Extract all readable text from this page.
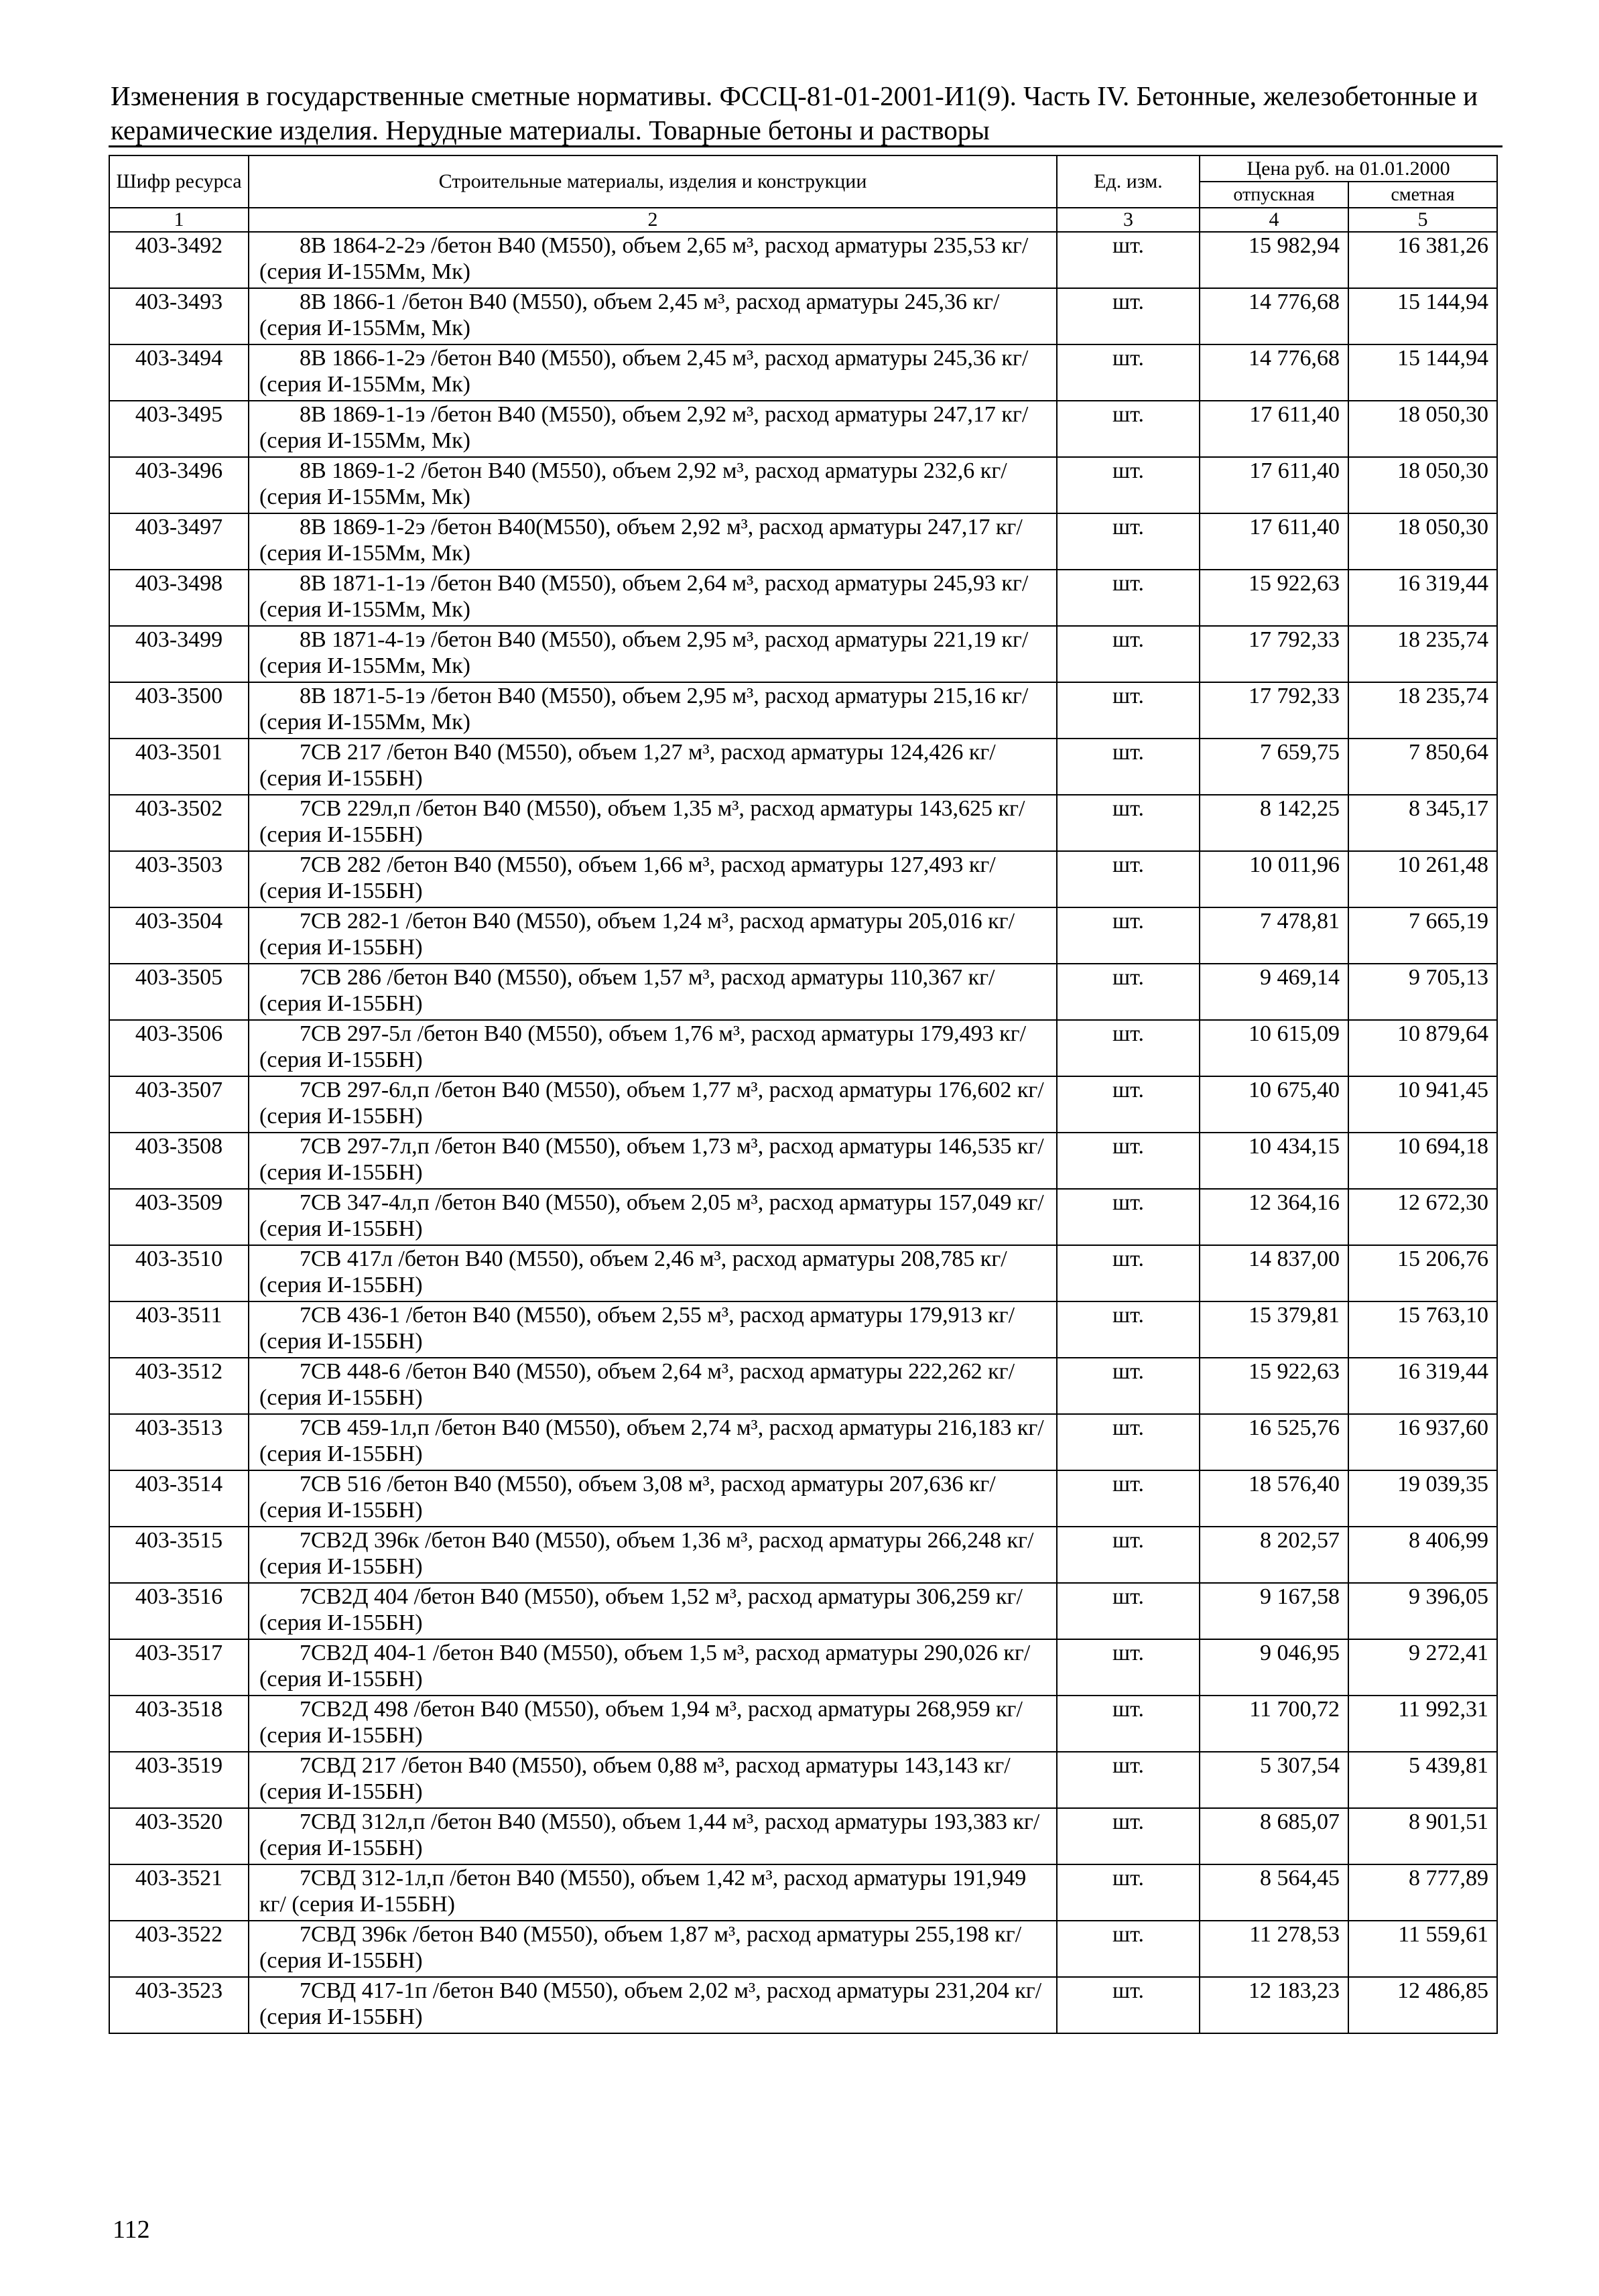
Изменения в государственные сметные нормативы. ФССЦ-81-01-2001-И1(9). Часть IV. Бетонные, железобетонные и керамические изделия. Нерудные материалы. Товарные бетоны и растворы
Шифр ресурса	Строительные материалы, изделия и конструкции	Ед. изм.	Цена руб. на 01.01.2000	
			отпускная	сметная
1	2	3	4	5
403-3492	8В 1864-2-2э /бетон В40 (М550), объем 2,65 м³, расход арматуры 235,53 кг/ (серия И-155Мм, Мк)	шт.	15 982,94	16 381,26
403-3493	8В 1866-1 /бетон В40 (М550), объем 2,45 м³, расход арматуры 245,36 кг/ (серия И-155Мм, Мк)	шт.	14 776,68	15 144,94
403-3494	8В 1866-1-2э /бетон В40 (М550), объем 2,45 м³, расход арматуры 245,36 кг/ (серия И-155Мм, Мк)	шт.	14 776,68	15 144,94
403-3495	8В 1869-1-1э /бетон В40 (М550), объем 2,92 м³, расход арматуры 247,17 кг/ (серия И-155Мм, Мк)	шт.	17 611,40	18 050,30
403-3496	8В 1869-1-2 /бетон В40 (М550), объем 2,92 м³, расход арматуры 232,6 кг/ (серия И-155Мм, Мк)	шт.	17 611,40	18 050,30
403-3497	8В 1869-1-2э /бетон В40(М550), объем 2,92 м³, расход арматуры 247,17 кг/ (серия И-155Мм, Мк)	шт.	17 611,40	18 050,30
403-3498	8В 1871-1-1э /бетон В40 (М550), объем 2,64 м³, расход арматуры 245,93 кг/ (серия И-155Мм, Мк)	шт.	15 922,63	16 319,44
403-3499	8В 1871-4-1э /бетон В40 (М550), объем 2,95 м³, расход арматуры 221,19 кг/ (серия И-155Мм, Мк)	шт.	17 792,33	18 235,74
403-3500	8В 1871-5-1э /бетон В40 (М550), объем 2,95 м³, расход арматуры 215,16 кг/ (серия И-155Мм, Мк)	шт.	17 792,33	18 235,74
403-3501	7СВ 217 /бетон В40 (М550), объем 1,27 м³, расход арматуры 124,426 кг/ (серия И-155БН)	шт.	7 659,75	7 850,64
403-3502	7СВ 229л,п /бетон В40 (М550), объем 1,35 м³, расход арматуры 143,625 кг/ (серия И-155БН)	шт.	8 142,25	8 345,17
403-3503	7СВ 282 /бетон В40 (М550), объем 1,66 м³, расход арматуры 127,493 кг/ (серия И-155БН)	шт.	10 011,96	10 261,48
403-3504	7СВ 282-1 /бетон В40 (М550), объем 1,24 м³, расход арматуры 205,016 кг/ (серия И-155БН)	шт.	7 478,81	7 665,19
403-3505	7СВ 286 /бетон В40 (М550), объем 1,57 м³, расход арматуры 110,367 кг/ (серия И-155БН)	шт.	9 469,14	9 705,13
403-3506	7СВ 297-5л /бетон В40 (М550), объем 1,76 м³, расход арматуры 179,493 кг/ (серия И-155БН)	шт.	10 615,09	10 879,64
403-3507	7СВ 297-6л,п /бетон В40 (М550), объем 1,77 м³, расход арматуры 176,602 кг/ (серия И-155БН)	шт.	10 675,40	10 941,45
403-3508	7СВ 297-7л,п /бетон В40 (М550), объем 1,73 м³, расход арматуры 146,535 кг/ (серия И-155БН)	шт.	10 434,15	10 694,18
403-3509	7СВ 347-4л,п /бетон В40 (М550), объем 2,05 м³, расход арматуры 157,049 кг/ (серия И-155БН)	шт.	12 364,16	12 672,30
403-3510	7СВ 417л /бетон В40 (М550), объем 2,46 м³, расход арматуры 208,785 кг/ (серия И-155БН)	шт.	14 837,00	15 206,76
403-3511	7СВ 436-1 /бетон В40 (М550), объем 2,55 м³, расход арматуры 179,913 кг/ (серия И-155БН)	шт.	15 379,81	15 763,10
403-3512	7СВ 448-6 /бетон В40 (М550), объем 2,64 м³, расход арматуры 222,262 кг/ (серия И-155БН)	шт.	15 922,63	16 319,44
403-3513	7СВ 459-1л,п /бетон В40 (М550), объем 2,74 м³, расход арматуры 216,183 кг/ (серия И-155БН)	шт.	16 525,76	16 937,60
403-3514	7СВ 516 /бетон В40 (М550), объем 3,08 м³, расход арматуры 207,636 кг/ (серия И-155БН)	шт.	18 576,40	19 039,35
403-3515	7СВ2Д 396к /бетон В40 (М550), объем 1,36 м³, расход арматуры 266,248 кг/ (серия И-155БН)	шт.	8 202,57	8 406,99
403-3516	7СВ2Д 404 /бетон В40 (М550), объем 1,52 м³, расход арматуры 306,259 кг/ (серия И-155БН)	шт.	9 167,58	9 396,05
403-3517	7СВ2Д 404-1 /бетон В40 (М550), объем 1,5 м³, расход арматуры 290,026 кг/ (серия И-155БН)	шт.	9 046,95	9 272,41
403-3518	7СВ2Д 498 /бетон В40 (М550), объем 1,94 м³, расход арматуры 268,959 кг/ (серия И-155БН)	шт.	11 700,72	11 992,31
403-3519	7СВД 217 /бетон В40 (М550), объем 0,88 м³, расход арматуры 143,143 кг/ (серия И-155БН)	шт.	5 307,54	5 439,81
403-3520	7СВД 312л,п /бетон В40 (М550), объем 1,44 м³, расход арматуры 193,383 кг/ (серия И-155БН)	шт.	8 685,07	8 901,51
403-3521	7СВД 312-1л,п /бетон В40 (М550), объем 1,42 м³, расход арматуры 191,949 кг/ (серия И-155БН)	шт.	8 564,45	8 777,89
403-3522	7СВД 396к /бетон В40 (М550), объем 1,87 м³, расход арматуры 255,198 кг/ (серия И-155БН)	шт.	11 278,53	11 559,61
403-3523	7СВД 417-1п /бетон В40 (М550), объем 2,02 м³, расход арматуры 231,204 кг/ (серия И-155БН)	шт.	12 183,23	12 486,85
112
